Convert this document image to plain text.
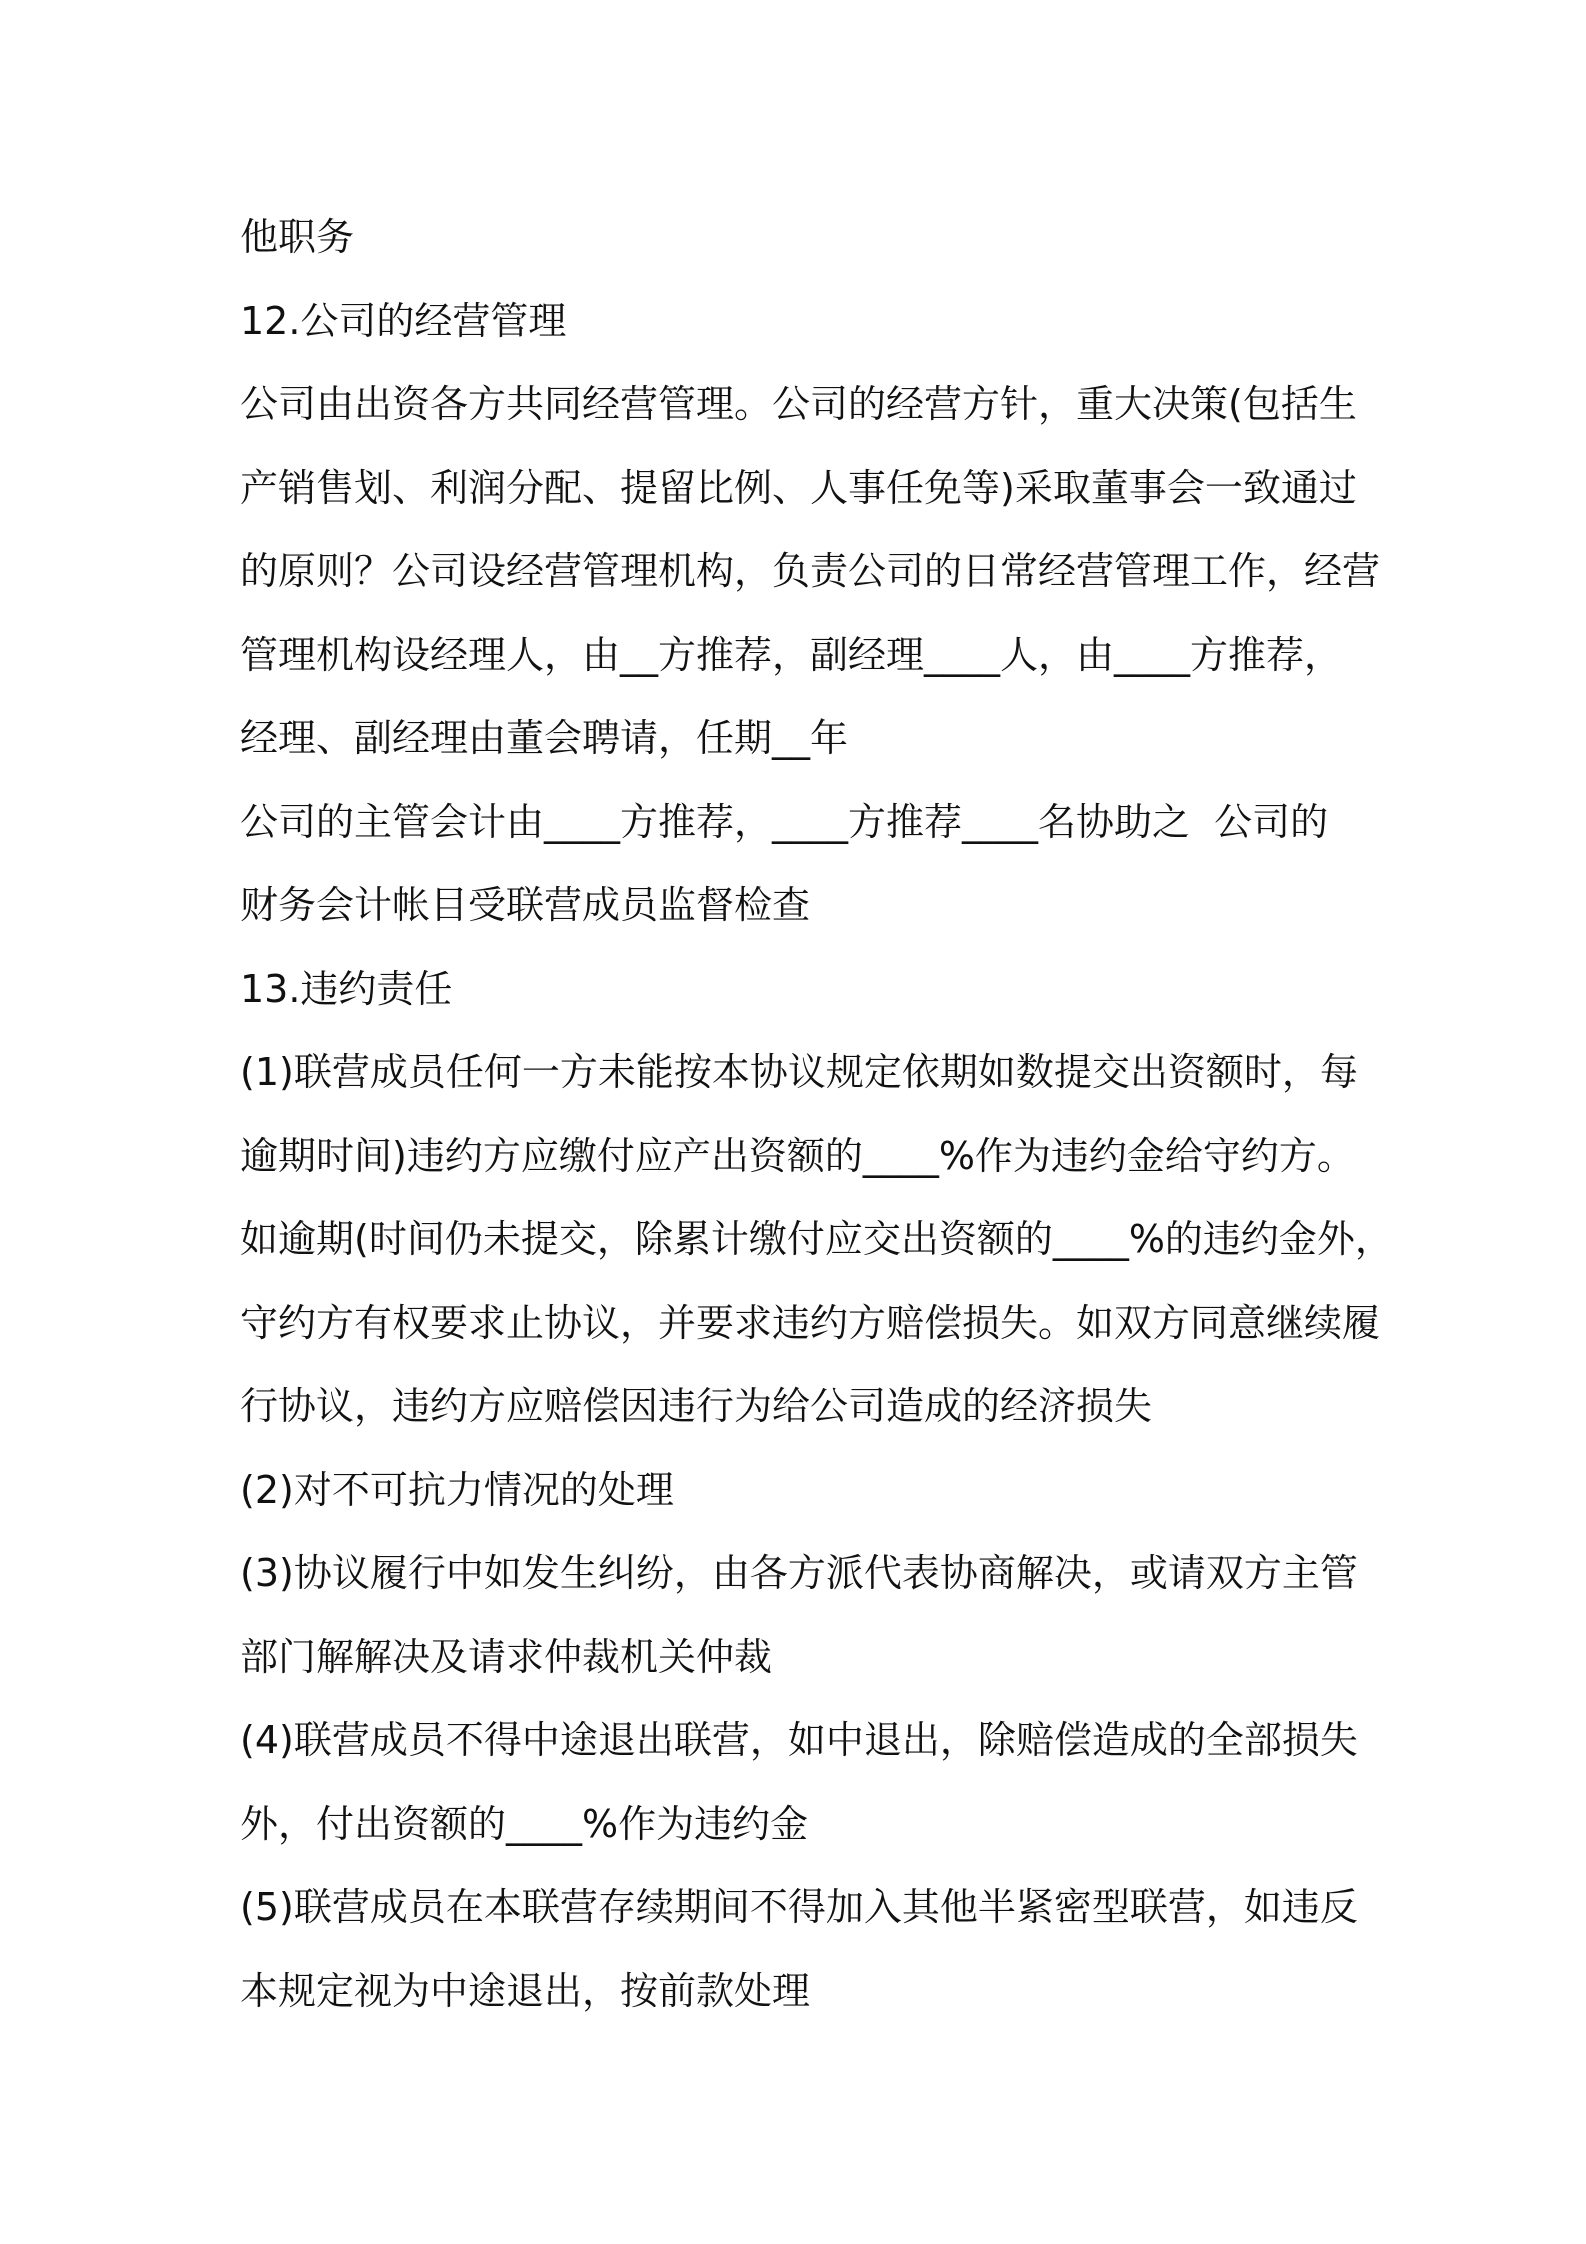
他职务
12.公司的经营管理
公司由出资各方共同经营管理。公司的经营方针，重大决策(包括生
产销售划、利润分配、提留比例、人事任免等)采取董事会一致通过
的原则？公司设经营管理机构，负责公司的日常经营管理工作，经营
管理机构设经理人，由__方推荐，副经理____人，由____方推荐，
经理、副经理由董会聘请，任期__年
公司的主管会计由____方推荐，____方推荐____名协助之  公司的
财务会计帐目受联营成员监督检查
13.违约责任
(1)联营成员任何一方未能按本协议规定依期如数提交出资额时，每
逾期时间)违约方应缴付应产出资额的____%作为违约金给守约方。
如逾期(时间仍未提交，除累计缴付应交出资额的____%的违约金外，
守约方有权要求止协议，并要求违约方赔偿损失。如双方同意继续履
行协议，违约方应赔偿因违行为给公司造成的经济损失
(2)对不可抗力情况的处理
(3)协议履行中如发生纠纷，由各方派代表协商解决，或请双方主管
部门解解决及请求仲裁机关仲裁
(4)联营成员不得中途退出联营，如中退出，除赔偿造成的全部损失
外，付出资额的____%作为违约金
(5)联营成员在本联营存续期间不得加入其他半紧密型联营，如违反
本规定视为中途退出，按前款处理
